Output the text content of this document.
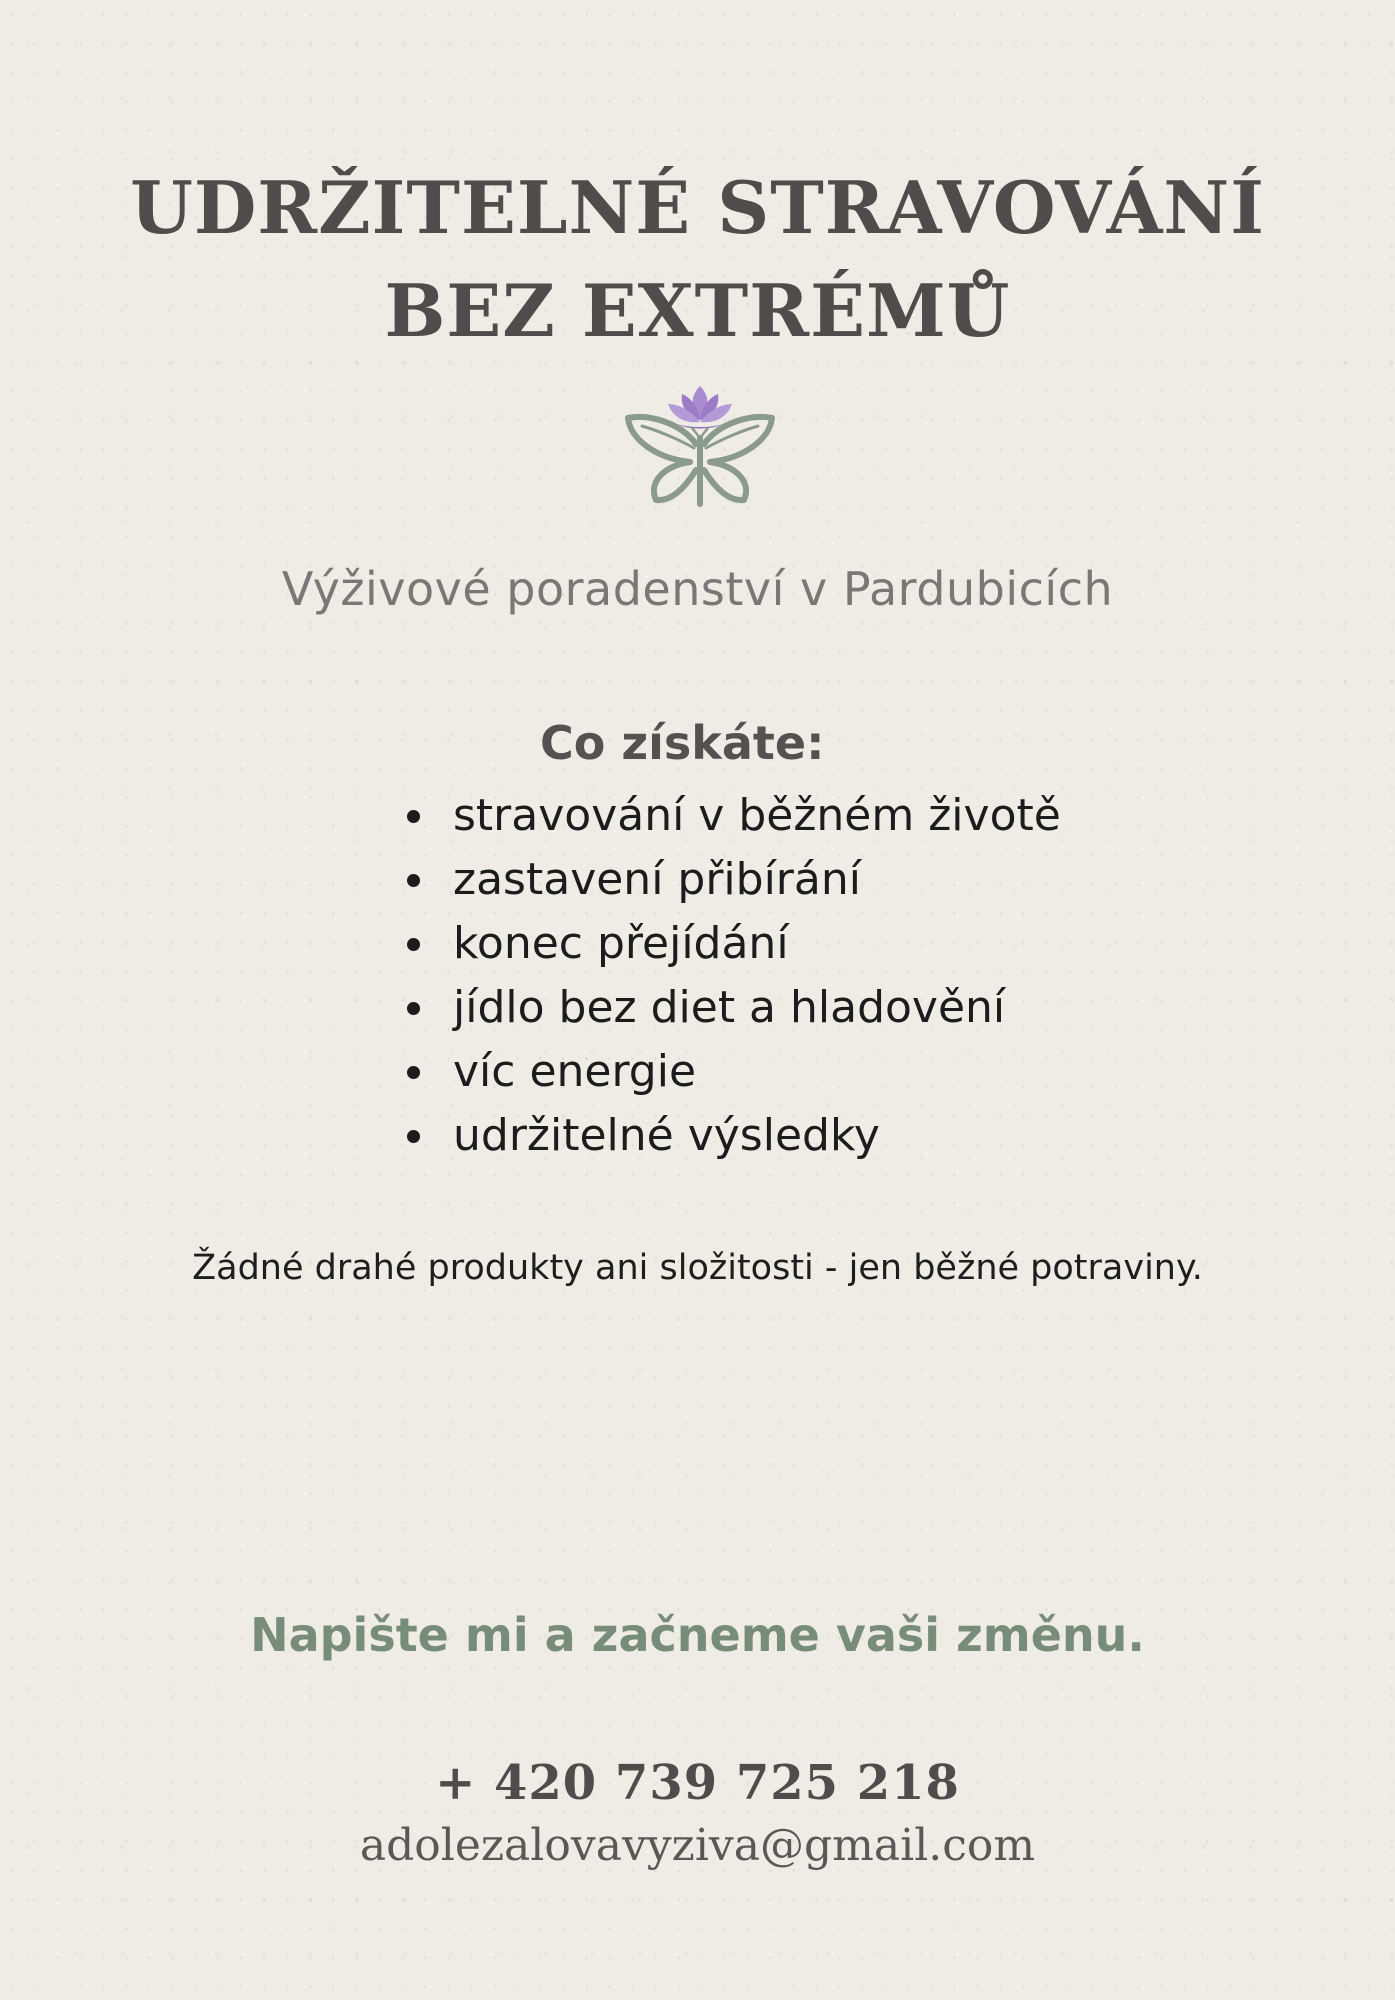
UDRŽITELNÉ STRAVOVÁNÍ
BEZ EXTRÉMŮ
Výživové poradenství v Pardubicích
Co získáte:
stravování v běžném životě
zastavení přibírání
konec přejídání
jídlo bez diet a hladovění
víc energie
udržitelné výsledky
Žádné drahé produkty ani složitosti - jen běžné potraviny.
Napište mi a začneme vaši změnu.
+ 420 739 725 218
adolezalovavyziva@gmail.com
